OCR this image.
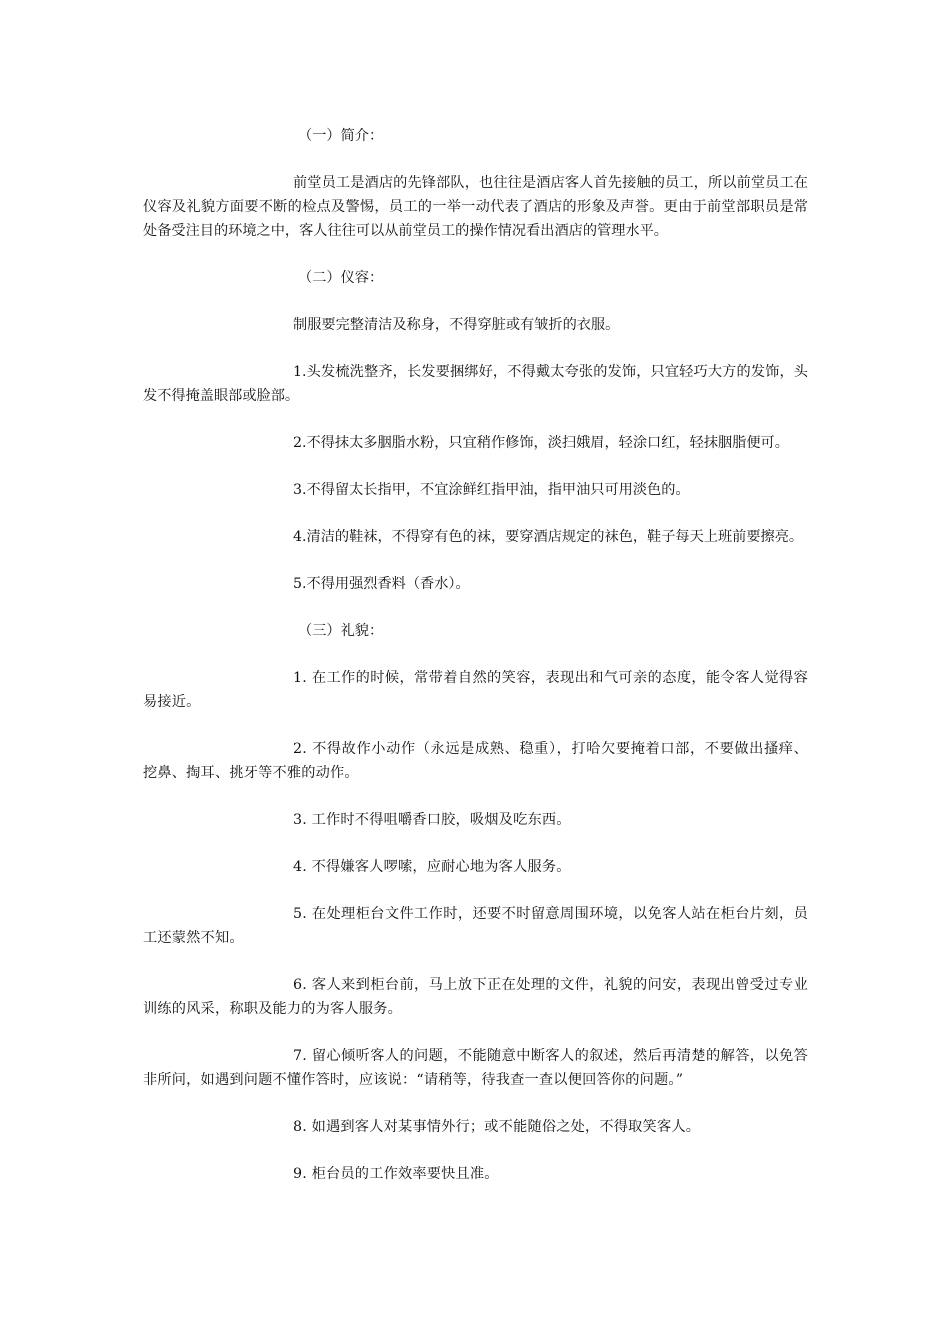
（一）简介：

前堂员工是酒店的先锋部队，也往往是酒店客人首先接触的员工，所以前堂员工在仪容及礼貌方面要不断的检点及警惕，员工的一举一动代表了酒店的形象及声誉。更由于前堂部职员是常处备受注目的环境之中，客人往往可以从前堂员工的操作情况看出酒店的管理水平。

（二）仪容：

制服要完整清洁及称身，不得穿脏或有皱折的衣服。

1.头发梳洗整齐，长发要捆绑好，不得戴太夸张的发饰，只宜轻巧大方的发饰，头发不得掩盖眼部或脸部。

2.不得抹太多胭脂水粉，只宜稍作修饰，淡扫娥眉，轻涂口红，轻抹胭脂便可。

3.不得留太长指甲，不宜涂鲜红指甲油，指甲油只可用淡色的。

4.清洁的鞋袜，不得穿有色的袜，要穿酒店规定的袜色，鞋子每天上班前要擦亮。

5.不得用强烈香料（香水）。

（三）礼貌：

1. 在工作的时候，常带着自然的笑容，表现出和气可亲的态度，能令客人觉得容易接近。

2. 不得故作小动作（永远是成熟、稳重），打哈欠要掩着口部，不要做出搔痒、挖鼻、掏耳、挑牙等不雅的动作。

3. 工作时不得咀嚼香口胶，吸烟及吃东西。

4. 不得嫌客人啰嗦，应耐心地为客人服务。

5. 在处理柜台文件工作时，还要不时留意周围环境，以免客人站在柜台片刻，员工还蒙然不知。

6. 客人来到柜台前，马上放下正在处理的文件，礼貌的问安，表现出曾受过专业训练的风采，称职及能力的为客人服务。

7. 留心倾听客人的问题，不能随意中断客人的叙述，然后再清楚的解答，以免答非所问，如遇到问题不懂作答时，应该说：“请稍等，待我查一查以便回答你的问题。”

8. 如遇到客人对某事情外行；或不能随俗之处，不得取笑客人。

9. 柜台员的工作效率要快且准。
